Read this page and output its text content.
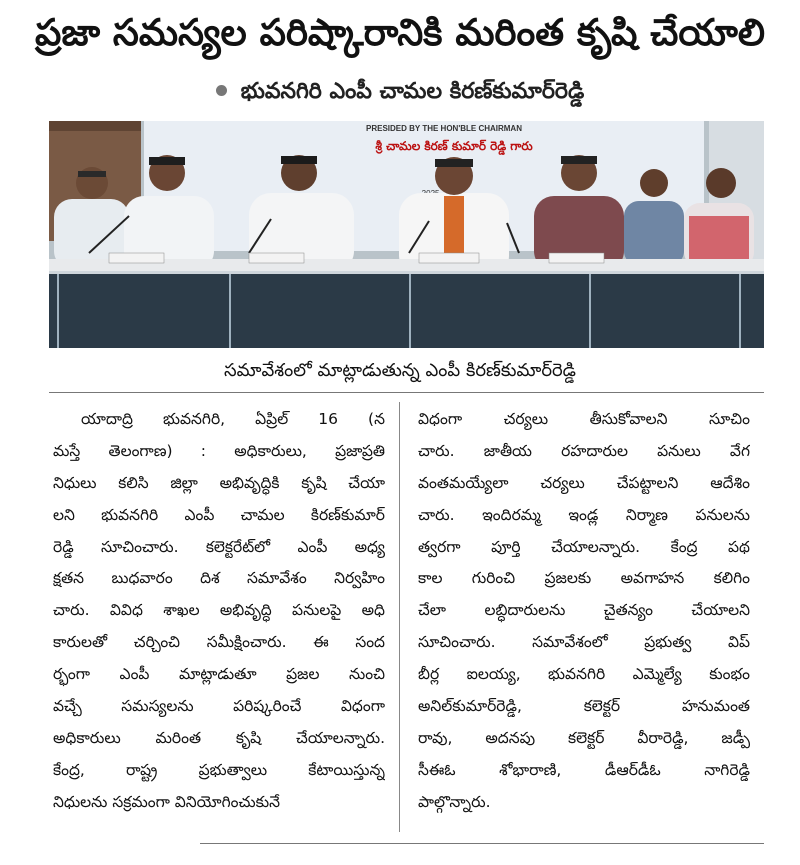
ప్రజా సమస్యల పరిష్కారానికి మరింత కృషి చేయాలి
భువనగిరి ఎంపీ చామల కిరణ్‌కుమార్‌రెడ్డి
PRESIDED BY THE HON'BLE CHAIRMAN
శ్రీ చామల కిరణ్ కుమార్ రెడ్డి గారు
సమావేశంలో మాట్లాడుతున్న ఎంపీ కిరణ్‌కుమార్‌రెడ్డి
యాదాద్రి భువనగిరి, ఏప్రిల్ 16 (న
మస్తే తెలంగాణ) : అధికారులు, ప్రజాప్రతి
నిధులు కలిసి జిల్లా అభివృద్ధికి కృషి చేయా
లని భువనగిరి ఎంపీ చామల కిరణ్‌కుమార్
రెడ్డి సూచించారు. కలెక్టరేట్‌లో ఎంపీ అధ్య
క్షతన బుధవారం దిశ సమావేశం నిర్వహిం
చారు. వివిధ శాఖల అభివృద్ధి పనులపై అధి
కారులతో చర్చించి సమీక్షించారు. ఈ సంద
ర్భంగా ఎంపీ మాట్లాడుతూ ప్రజల నుంచి
వచ్చే సమస్యలను పరిష్కరించే విధంగా
అధికారులు మరింత కృషి చేయాలన్నారు.
కేంద్ర, రాష్ట్ర ప్రభుత్వాలు కేటాయిస్తున్న
నిధులను సక్రమంగా వినియోగించుకునే
విధంగా చర్యలు తీసుకోవాలని సూచిం
చారు. జాతీయ రహదారుల పనులు వేగ
వంతమయ్యేలా చర్యలు చేపట్టాలని ఆదేశిం
చారు. ఇందిరమ్మ ఇండ్ల నిర్మాణ పనులను
త్వరగా పూర్తి చేయాలన్నారు. కేంద్ర పథ
కాల గురించి ప్రజలకు అవగాహన కలిగిం
చేలా లబ్ధిదారులను చైతన్యం చేయాలని
సూచించారు. సమావేశంలో ప్రభుత్వ విప్
బీర్ల ఐలయ్య, భువనగిరి ఎమ్మెల్యే కుంభం
అనిల్‌కుమార్‌రెడ్డి, కలెక్టర్ హనుమంత
రావు, అదనపు కలెక్టర్ వీరారెడ్డి, జడ్పీ
సీఈఓ శోభారాణి, డీఆర్‌డీఓ నాగిరెడ్డి
పాల్గొన్నారు.
